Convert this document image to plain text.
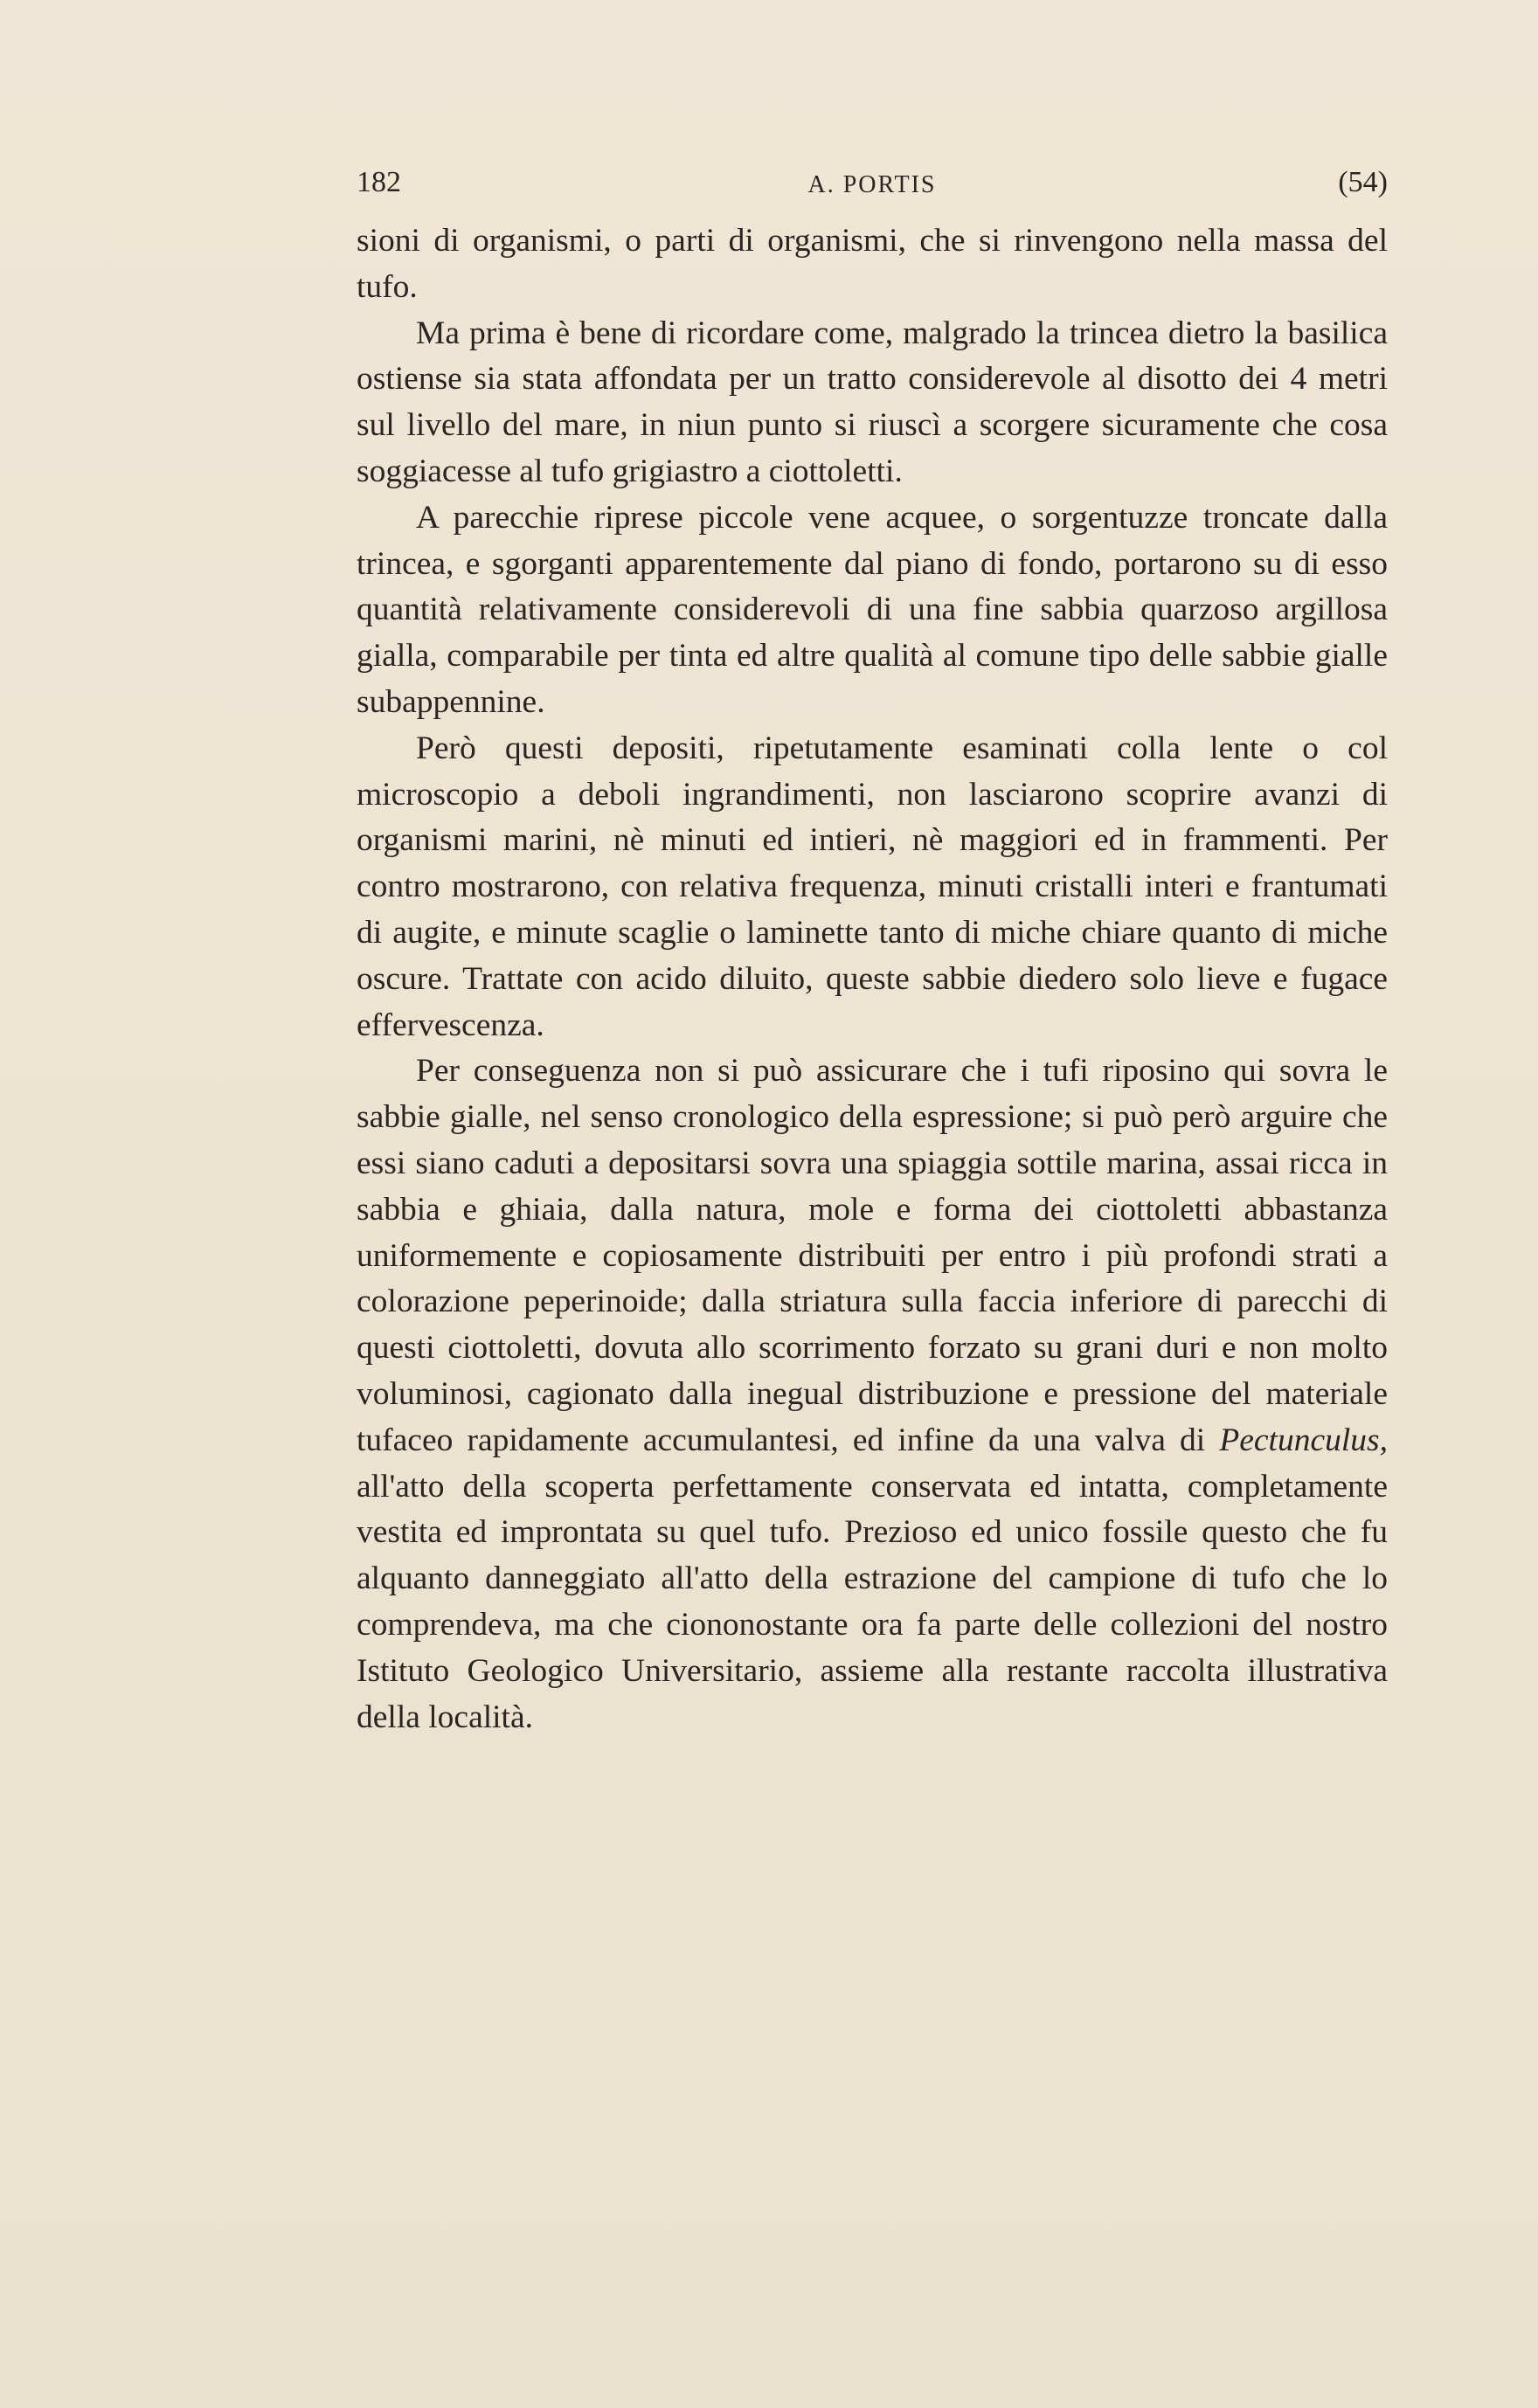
182	A. PORTIS	(54)

sioni di organismi, o parti di organismi, che si rinvengono nella massa del tufo.

Ma prima è bene di ricordare come, malgrado la trincea dietro la basilica ostiense sia stata affondata per un tratto considerevole al disotto dei 4 metri sul livello del mare, in niun punto si riuscì a scorgere sicuramente che cosa soggiacesse al tufo grigiastro a ciottoletti.

A parecchie riprese piccole vene acquee, o sorgentuzze troncate dalla trincea, e sgorganti apparentemente dal piano di fondo, portarono su di esso quantità relativamente considerevoli di una fine sabbia quarzoso argillosa gialla, comparabile per tinta ed altre qualità al comune tipo delle sabbie gialle subappennine.

Però questi depositi, ripetutamente esaminati colla lente o col microscopio a deboli ingrandimenti, non lasciarono scoprire avanzi di organismi marini, nè minuti ed intieri, nè maggiori ed in frammenti. Per contro mostrarono, con relativa frequenza, minuti cristalli interi e frantumati di augite, e minute scaglie o laminette tanto di miche chiare quanto di miche oscure. Trattate con acido diluito, queste sabbie diedero solo lieve e fugace effervescenza.

Per conseguenza non si può assicurare che i tufi riposino qui sovra le sabbie gialle, nel senso cronologico della espressione; si può però arguire che essi siano caduti a depositarsi sovra una spiaggia sottile marina, assai ricca in sabbia e ghiaia, dalla natura, mole e forma dei ciottoletti abbastanza uniformemente e copiosamente distribuiti per entro i più profondi strati a colorazione peperinoide; dalla striatura sulla faccia inferiore di parecchi di questi ciottoletti, dovuta allo scorrimento forzato su grani duri e non molto voluminosi, cagionato dalla inegual distribuzione e pressione del materiale tufaceo rapidamente accumulantesi, ed infine da una valva di Pectunculus, all'atto della scoperta perfettamente conservata ed intatta, completamente vestita ed improntata su quel tufo. Prezioso ed unico fossile questo che fu alquanto danneggiato all'atto della estrazione del campione di tufo che lo comprendeva, ma che ciononostante ora fa parte delle collezioni del nostro Istituto Geologico Universitario, assieme alla restante raccolta illustrativa della località.
